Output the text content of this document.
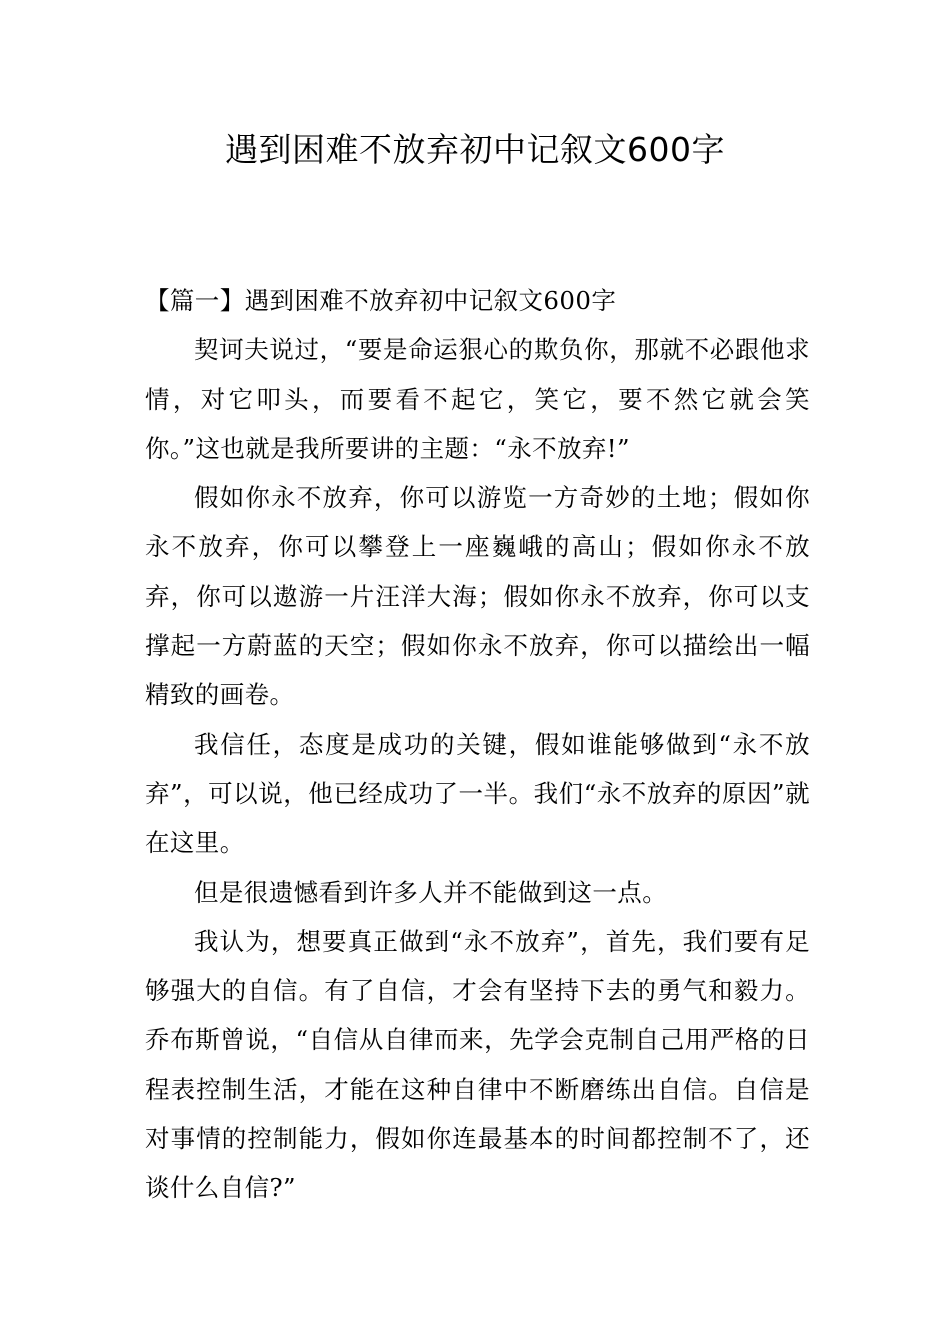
遇到困难不放弃初中记叙文600字
【篇一】遇到困难不放弃初中记叙文600字

契诃夫说过，“要是命运狠心的欺负你，那就不必跟他求情，对它叩头，而要看不起它，笑它，要不然它就会笑你。”这也就是我所要讲的主题：“永不放弃!”

假如你永不放弃，你可以游览一方奇妙的土地；假如你永不放弃，你可以攀登上一座巍峨的高山；假如你永不放弃，你可以遨游一片汪洋大海；假如你永不放弃，你可以支撑起一方蔚蓝的天空；假如你永不放弃，你可以描绘出一幅精致的画卷。

我信任，态度是成功的关键，假如谁能够做到“永不放弃”，可以说，他已经成功了一半。我们“永不放弃的原因”就在这里。

但是很遗憾看到许多人并不能做到这一点。

我认为，想要真正做到“永不放弃”，首先，我们要有足够强大的自信。有了自信，才会有坚持下去的勇气和毅力。乔布斯曾说，“自信从自律而来，先学会克制自己用严格的日程表控制生活，才能在这种自律中不断磨练出自信。自信是对事情的控制能力，假如你连最基本的时间都控制不了，还谈什么自信?”
